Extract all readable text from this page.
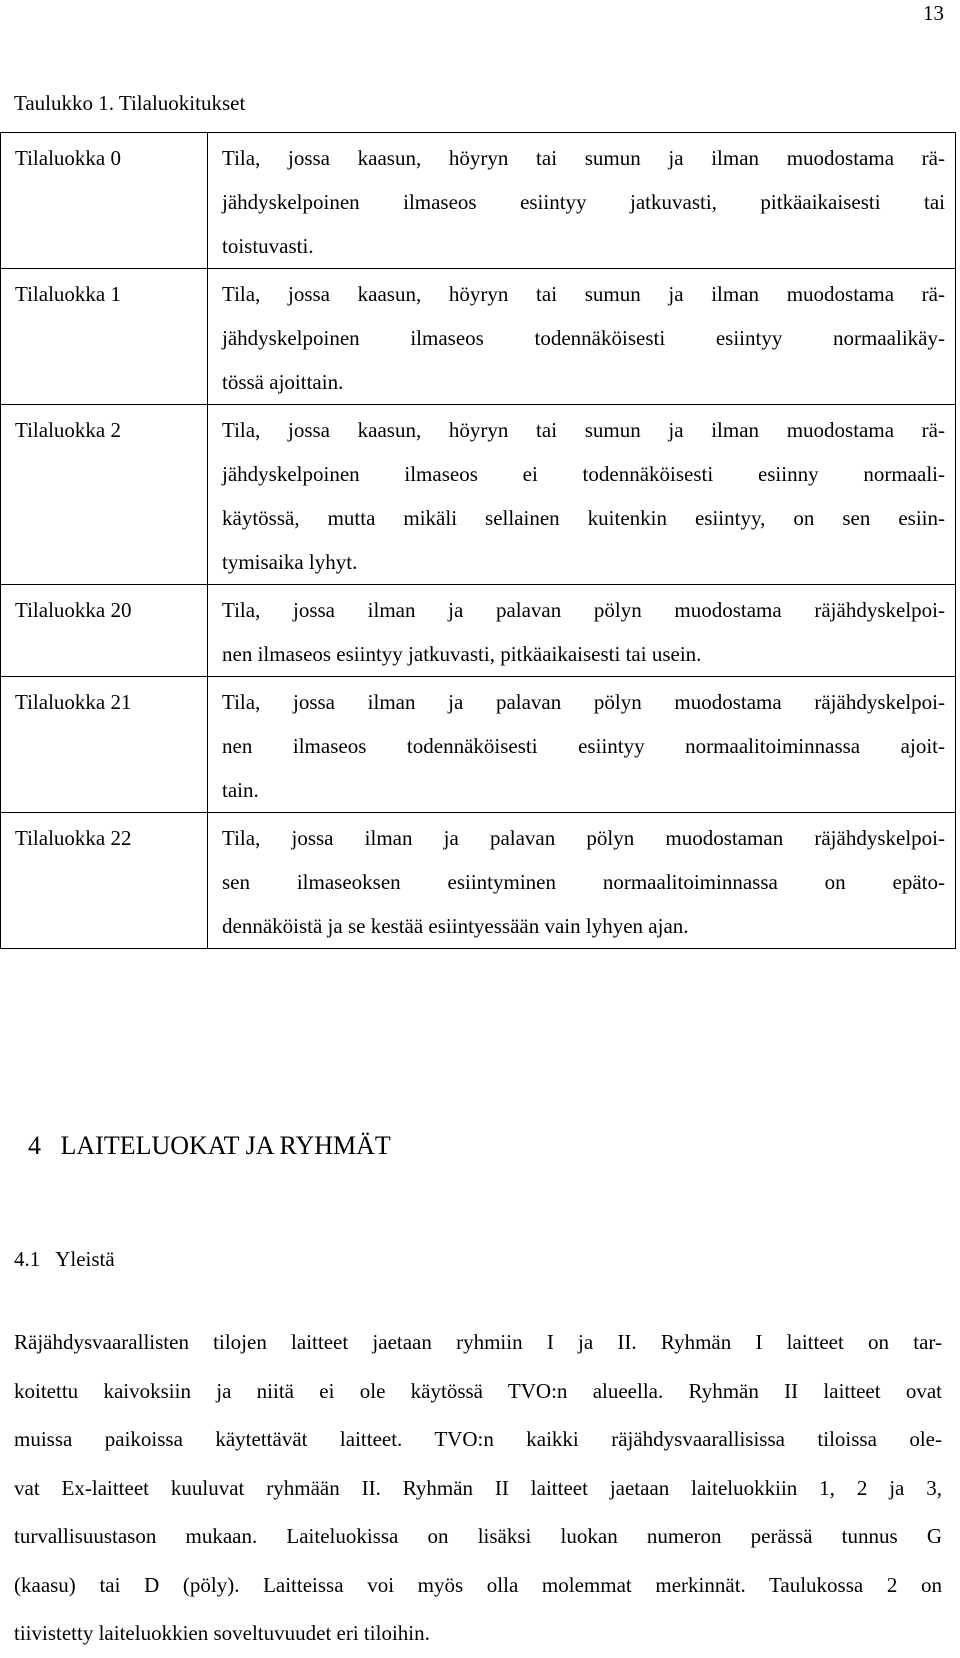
13
Taulukko 1. Tilaluokitukset
Tilaluokka 0	Tila, jossa kaasun, höyryn tai sumun ja ilman muodostama rä-
jähdyskelpoinen ilmaseos esiintyy jatkuvasti, pitkäaikaisesti tai
toistuvasti.

Tilaluokka 1	Tila, jossa kaasun, höyryn tai sumun ja ilman muodostama rä-
jähdyskelpoinen ilmaseos todennäköisesti esiintyy normaalikäy-
tössä ajoittain.

Tilaluokka 2	Tila, jossa kaasun, höyryn tai sumun ja ilman muodostama rä-
jähdyskelpoinen ilmaseos ei todennäköisesti esiinny normaali-
käytössä, mutta mikäli sellainen kuitenkin esiintyy, on sen esiin-
tymisaika lyhyt.

Tilaluokka 20	Tila, jossa ilman ja palavan pölyn muodostama räjähdyskelpoi-
nen ilmaseos esiintyy jatkuvasti, pitkäaikaisesti tai usein.

Tilaluokka 21	Tila, jossa ilman ja palavan pölyn muodostama räjähdyskelpoi-
nen ilmaseos todennäköisesti esiintyy normaalitoiminnassa ajoit-
tain.

Tilaluokka 22	Tila, jossa ilman ja palavan pölyn muodostaman räjähdyskelpoi-
sen ilmaseoksen esiintyminen normaalitoiminnassa on epäto-
dennäköistä ja se kestää esiintyessään vain lyhyen ajan.
4 LAITELUOKAT JA RYHMÄT
4.1 Yleistä
Räjähdysvaarallisten tilojen laitteet jaetaan ryhmiin I ja II. Ryhmän I laitteet on tar-
koitettu kaivoksiin ja niitä ei ole käytössä TVO:n alueella. Ryhmän II laitteet ovat
muissa paikoissa käytettävät laitteet. TVO:n kaikki räjähdysvaarallisissa tiloissa ole-
vat Ex-laitteet kuuluvat ryhmään II. Ryhmän II laitteet jaetaan laiteluokkiin 1, 2 ja 3,
turvallisuustason mukaan. Laiteluokissa on lisäksi luokan numeron perässä tunnus G
(kaasu) tai D (pöly). Laitteissa voi myös olla molemmat merkinnät. Taulukossa 2 on
tiivistetty laiteluokkien soveltuvuudet eri tiloihin.
